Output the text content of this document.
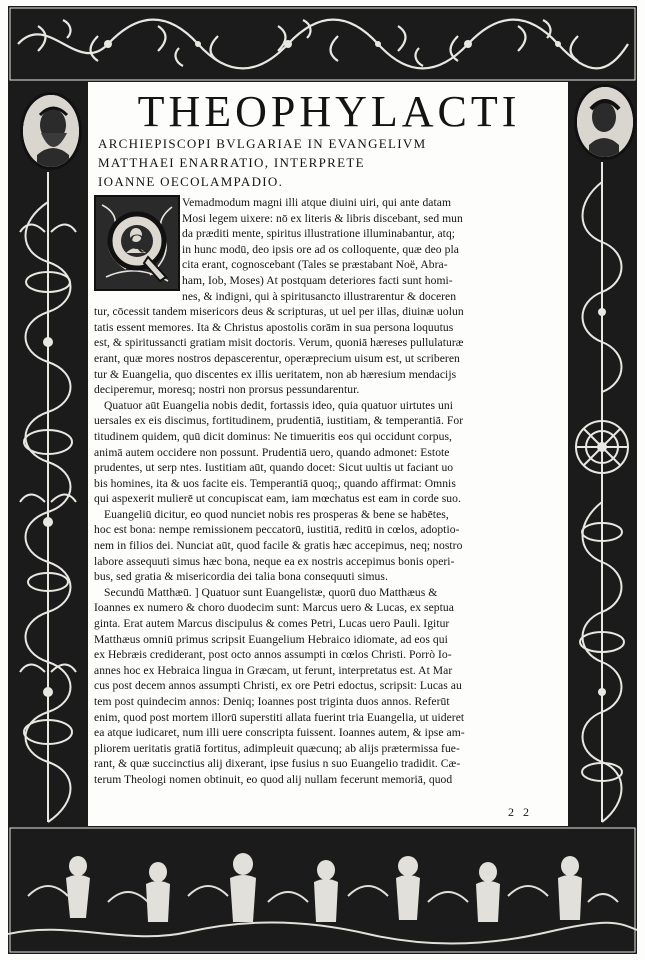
THEOPHYLACTI
ARCHIEPISCOPI BVLGARIAE IN EVANGELIVM
MATTHAEI ENARRATIO, INTERPRETE
IOANNE OECOLAMPADIO.
Vemadmodum magni illi atque diuini uiri, qui ante datam
Mosi legem uixere: nō ex literis & libris discebant, sed mun
da prӕditi mente, spiritus illustratione illuminabantur, atq;
in hunc modū, deo ipsis ore ad os colloquente, quӕ deo pla
cita erant, cognoscebant (Tales se prӕstabant Noë, Abra-
ham, Iob, Moses) At postquam deteriores facti sunt homi-
nes, & indigni, qui à spiritusancto illustrarentur & doceren
tur, cōcessit tandem misericors deus & scripturas, ut uel per illas, diuinӕ uolun
tatis essent memores. Ita & Christus apostolis corām in sua persona loquutus
est, & spiritussancti gratiam misit doctoris. Verum, quoniā hӕreses pullulaturӕ
erant, quӕ mores nostros depascerentur, operӕprecium uisum est, ut scriberen
tur & Euangelia, quo discentes ex illis ueritatem, non ab hӕresium mendacijs
deciperemur, moresq; nostri non prorsus pessundarentur.
Quatuor aūt Euangelia nobis dedit, fortassis ideo, quia quatuor uirtutes uni
uersales ex eis discimus, fortitudinem, prudentiā, iustitiam, & temperantiā. For
titudinem quidem, quū dicit dominus: Ne timueritis eos qui occidunt corpus,
animā autem occidere non possunt. Prudentiā uero, quando admonet: Estote
prudentes, ut serp ntes. Iustitiam aūt, quando docet: Sicut uultis ut faciant uo
bis homines, ita & uos facite eis. Temperantiā quoq;, quando affirmat: Omnis
qui aspexerit mulierē ut concupiscat eam, iam mœchatus est eam in corde suo.
Euangeliū dicitur, eo quod nunciet nobis res prosperas & bene se habētes,
hoc est bona: nempe remissionem peccatorū, iustitiā, reditū in cœlos, adoptio-
nem in filios dei. Nunciat aūt, quod facile & gratis hӕc accepimus, neq; nostro
labore assequuti simus hӕc bona, neque ea ex nostris accepimus bonis operi-
bus, sed gratia & misericordia dei talia bona consequuti simus.
Secundū Matthӕū. ] Quatuor sunt Euangelistӕ, quorū duo Matthӕus &
Ioannes ex numero & choro duodecim sunt: Marcus uero & Lucas, ex septua
ginta. Erat autem Marcus discipulus & comes Petri, Lucas uero Pauli. Igitur
Matthӕus omniū primus scripsit Euangelium Hebraico idiomate, ad eos qui
ex Hebrӕis crediderant, post octo annos assumpti in cœlos Christi. Porrò Io-
annes hoc ex Hebraica lingua in Grӕcam, ut ferunt, interpretatus est. At Mar
cus post decem annos assumpti Christi, ex ore Petri edoctus, scripsit: Lucas au
tem post quindecim annos: Deniq; Ioannes post triginta duos annos. Referūt
enim, quod post mortem illorū superstiti allata fuerint tria Euangelia, ut uideret
ea atque iudicaret, num illi uere conscripta fuissent. Ioannes autem, & ipse am-
pliorem ueritatis gratiā fortitus, adimpleuit quӕcunq; ab alijs prӕtermissa fue-
rant, & quӕ succinctius alij dixerant, ipse fusius n suo Euangelio tradidit. Cӕ-
terum Theologi nomen obtinuit, eo quod alij nullam fecerunt memoriā, quod
Q
2 2
